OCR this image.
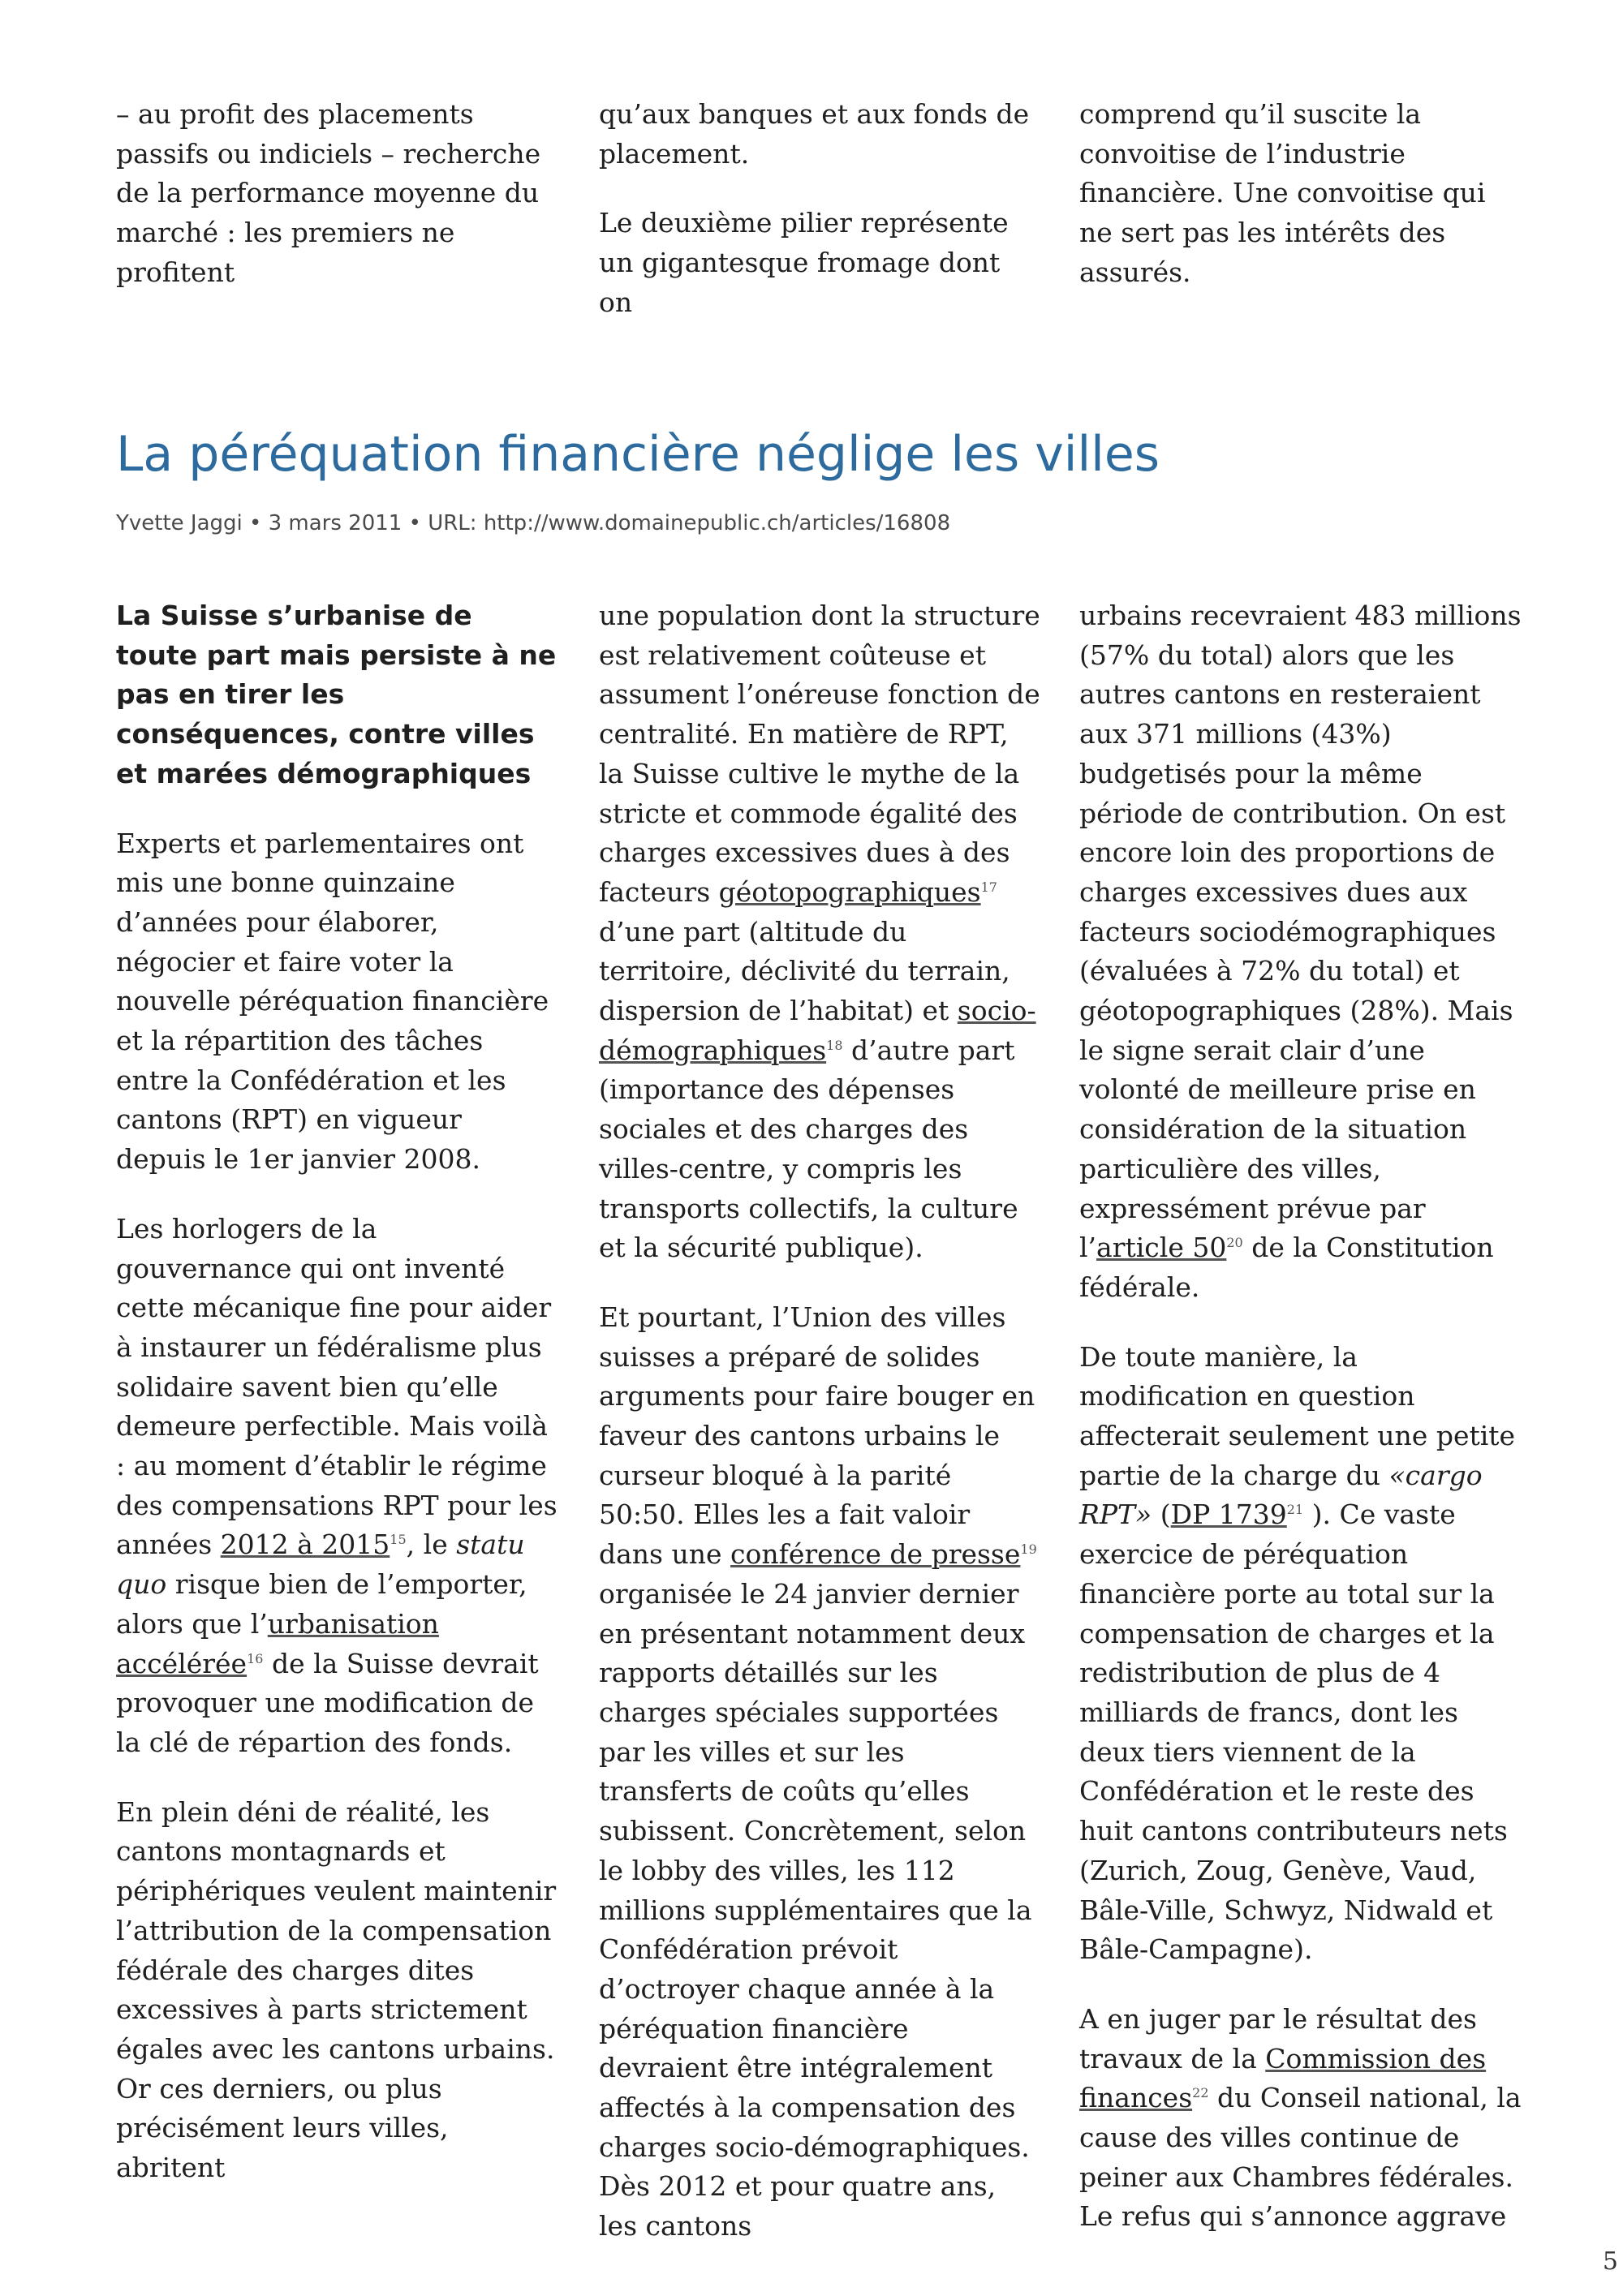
– au profit des placements passifs ou indiciels – recherche de la performance moyenne du marché : les premiers ne profitent

qu’aux banques et aux fonds de placement.

Le deuxième pilier représente un gigantesque fromage dont on

comprend qu’il suscite la convoitise de l’industrie financière. Une convoitise qui ne sert pas les intérêts des assurés.

La péréquation financière néglige les villes
Yvette Jaggi • 3 mars 2011 • URL: http://www.domainepublic.ch/articles/16808

La Suisse s’urbanise de toute part mais persiste à ne pas en tirer les conséquences, contre villes et marées démographiques

Experts et parlementaires ont mis une bonne quinzaine d’années pour élaborer, négocier et faire voter la nouvelle péréquation financière et la répartition des tâches entre la Confédération et les cantons (RPT) en vigueur depuis le 1er janvier 2008.

Les horlogers de la gouvernance qui ont inventé cette mécanique fine pour aider à instaurer un fédéralisme plus solidaire savent bien qu’elle demeure perfectible. Mais voilà : au moment d’établir le régime des compensations RPT pour les années 2012 à 2015$^{15}$, le statu quo risque bien de l’emporter, alors que l’urbanisation accélérée$^{16}$ de la Suisse devrait provoquer une modification de la clé de répartion des fonds.

En plein déni de réalité, les cantons montagnards et périphériques veulent maintenir l’attribution de la compensation fédérale des charges dites excessives à parts strictement égales avec les cantons urbains. Or ces derniers, ou plus précisément leurs villes, abritent

une population dont la structure est relativement coûteuse et assument l’onéreuse fonction de centralité. En matière de RPT, la Suisse cultive le mythe de la stricte et commode égalité des charges excessives dues à des facteurs géotopographiques$^{17}$ d’une part (altitude du territoire, déclivité du terrain, dispersion de l’habitat) et socio-démographiques$^{18}$ d’autre part (importance des dépenses sociales et des charges des villes-centre, y compris les transports collectifs, la culture et la sécurité publique).

Et pourtant, l’Union des villes suisses a préparé de solides arguments pour faire bouger en faveur des cantons urbains le curseur bloqué à la parité 50:50. Elles les a fait valoir dans une conférence de presse$^{19}$ organisée le 24 janvier dernier en présentant notamment deux rapports détaillés sur les charges spéciales supportées par les villes et sur les transferts de coûts qu’elles subissent. Concrètement, selon le lobby des villes, les 112 millions supplémentaires que la Confédération prévoit d’octroyer chaque année à la péréquation financière devraient être intégralement affectés à la compensation des charges socio-démographiques. Dès 2012 et pour quatre ans, les cantons

urbains recevraient 483 millions (57% du total) alors que les autres cantons en resteraient aux 371 millions (43%) budgetisés pour la même période de contribution. On est encore loin des proportions de charges excessives dues aux facteurs sociodémographiques (évaluées à 72% du total) et géotopographiques (28%). Mais le signe serait clair d’une volonté de meilleure prise en considération de la situation particulière des villes, expressément prévue par l’article 50$^{20}$ de la Constitution fédérale.

De toute manière, la modification en question affecterait seulement une petite partie de la charge du «cargo RPT» (DP 1739$^{21}$ ). Ce vaste exercice de péréquation financière porte au total sur la compensation de charges et la redistribution de plus de 4 milliards de francs, dont les deux tiers viennent de la Confédération et le reste des huit cantons contributeurs nets (Zurich, Zoug, Genève, Vaud, Bâle-Ville, Schwyz, Nidwald et Bâle-Campagne).

A en juger par le résultat des travaux de la Commission des finances$^{22}$ du Conseil national, la cause des villes continue de peiner aux Chambres fédérales. Le refus qui s’annonce aggrave

5
